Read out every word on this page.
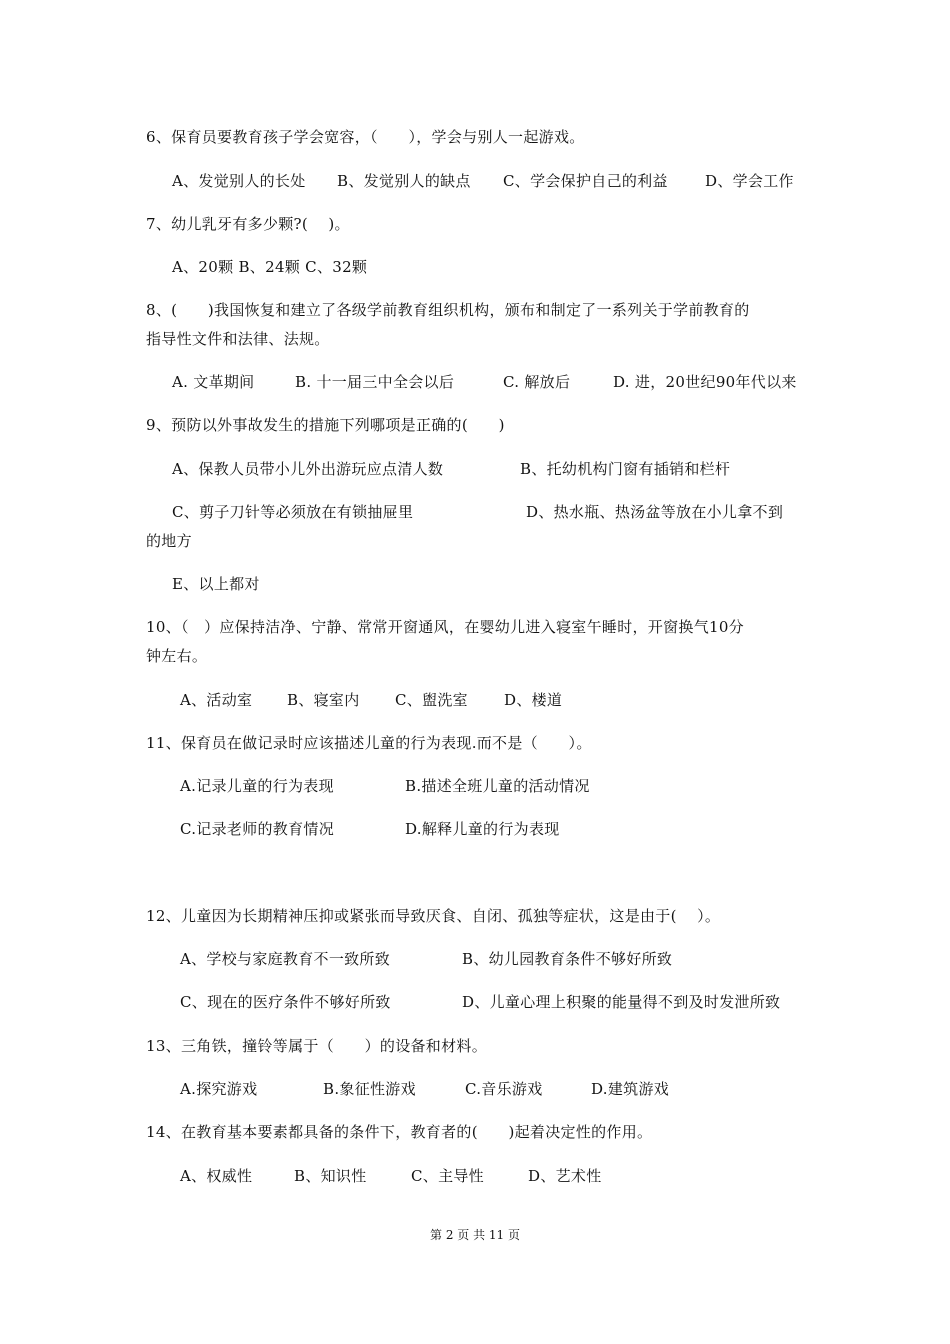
6、保育员要教育孩子学会宽容，（　　），学会与别人一起游戏。
A、发觉别人的长处 B、发觉别人的缺点 C、学会保护自己的利益 D、学会工作
7、幼儿乳牙有多少颗?(　 )。
A、20颗 B、24颗 C、32颗
8、(　　)我国恢复和建立了各级学前教育组织机构，颁布和制定了一系列关于学前教育的
指导性文件和法律、法规。
A. 文革期间	B. 十一届三中全会以后	C. 解放后	D. 进，20世纪90年代以来
9、预防以外事故发生的措施下列哪项是正确的(　　)
A、保教人员带小儿外出游玩应点清人数	B、托幼机构门窗有插销和栏杆
C、剪子刀针等必须放在有锁抽屉里	D、热水瓶、热汤盆等放在小儿拿不到
的地方
E、以上都对
10、（　）应保持洁净、宁静、常常开窗通风，在婴幼儿进入寝室午睡时，开窗换气10分
钟左右。
A、活动室 B、寝室内 C、盥洗室 D、楼道
11、保育员在做记录时应该描述儿童的行为表现.而不是（　　）。
A.记录儿童的行为表现	B.描述全班儿童的活动情况
C.记录老师的教育情况	D.解释儿童的行为表现
12、儿童因为长期精神压抑或紧张而导致厌食、自闭、孤独等症状，这是由于(　 ）。
A、学校与家庭教育不一致所致	B、幼儿园教育条件不够好所致
C、现在的医疗条件不够好所致	D、儿童心理上积聚的能量得不到及时发泄所致
13、三角铁，撞铃等属于（　　）的设备和材料。
A.探究游戏	B.象征性游戏	C.音乐游戏	D.建筑游戏
14、在教育基本要素都具备的条件下，教育者的(　　)起着决定性的作用。
A、权威性	B、知识性	C、主导性	D、艺术性
第 2 页 共 11 页
